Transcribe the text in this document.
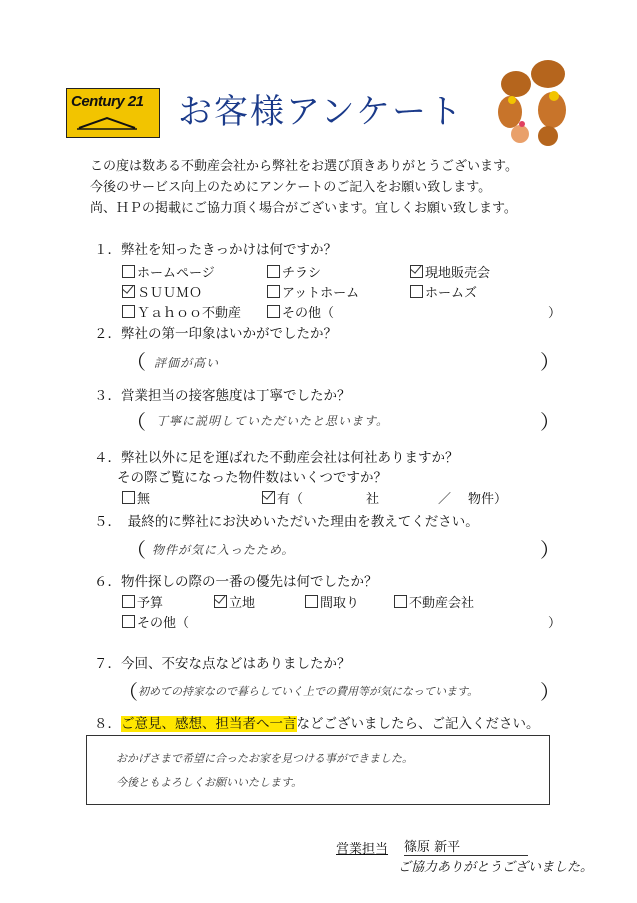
Century 21 お客様アンケート
この度は数ある不動産会社から弊社をお選び頂きありがとうございます。
今後のサービス向上のためにアンケートのご記入をお願い致します。
尚、ＨＰの掲載にご協力頂く場合がございます。宜しくお願い致します。
１．弊社を知ったきっかけは何ですか？
ホームページ	チラシ	現地販売会
ＳＵＵＭＯ	アットホーム	ホームズ
Ｙａｈｏｏ不動産	その他（	）
２．弊社の第一印象はいかがでしたか？
（ 評価が高い	）
３．営業担当の接客態度は丁寧でしたか？
（ 丁寧に説明していただいたと思います。	）
４．弊社以外に足を運ばれた不動産会社は何社ありますか？
その際ご覧になった物件数はいくつですか？
無	有（	社	／ 物件）
５．　最終的に弊社にお決めいただいた理由を教えてください。
（ 物件が気に入ったため。	）
６．物件探しの際の一番の優先は何でしたか？
予算	立地	間取り	不動産会社
その他（	）
７．今回、不安な点などはありましたか？
（ 初めての持家なので暮らしていく上での費用等が気になっています。	）
８．ご意見、感想、担当者へ一言などございましたら、ご記入ください。
おかげさまで希望に合ったお家を見つける事ができました。
今後ともよろしくお願いいたします。
営業担当 篠原 新平
ご協力ありがとうございました。
